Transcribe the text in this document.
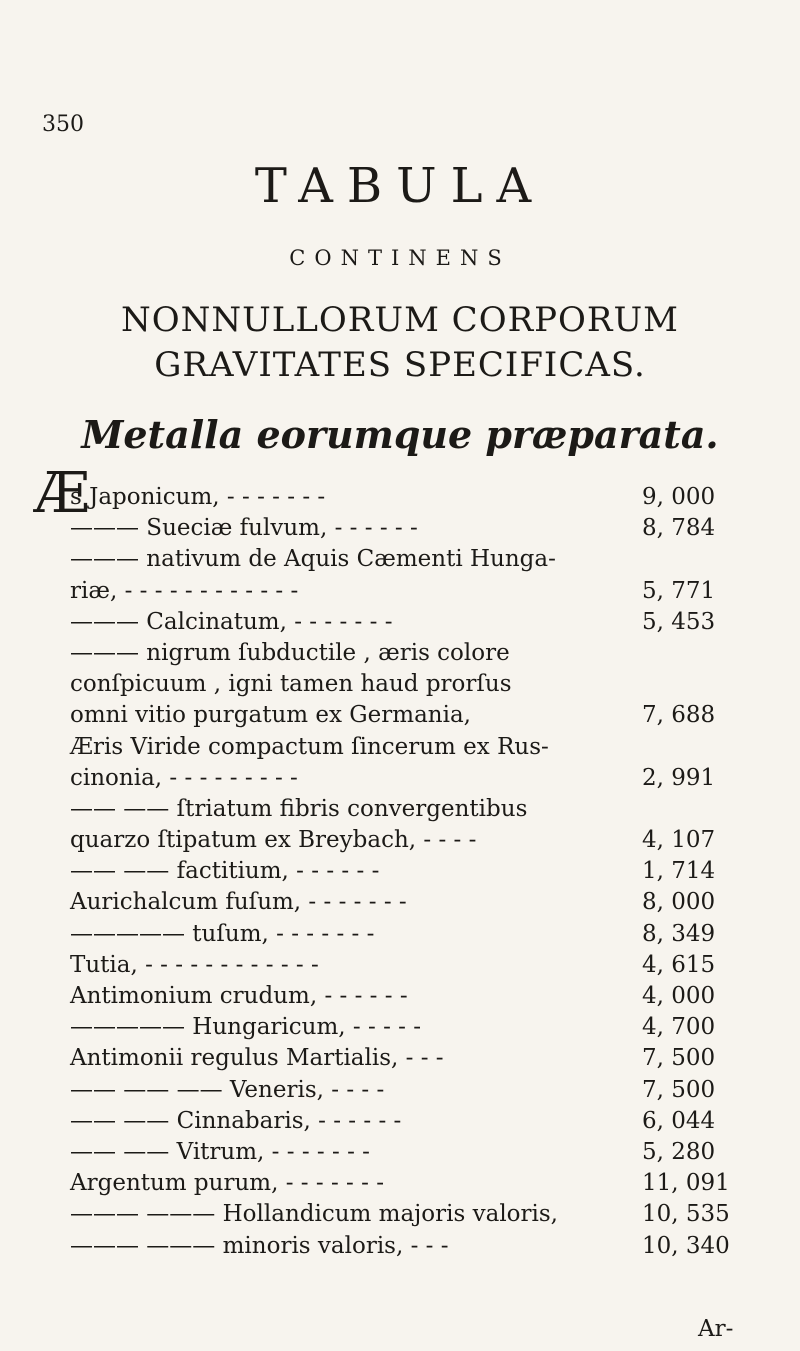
350
TABULA
CONTINENS
NONNULLORUM CORPORUM
GRAVITATES SPECIFICAS.
Metalla eorumque præparata.
Æ
s Japonicum, - - - - - - -	9, 000
——— Sueciæ fulvum, - - - - - -	8, 784
——— nativum de Aquis Cæmenti Hunga-
riæ, - - - - - - - - - - - -	5, 771
——— Calcinatum, - - - - - - -	5, 453
——— nigrum ſubductile , æris colore
conſpicuum , igni tamen haud prorſus
omni vitio purgatum ex Germania,	7, 688
Æris Viride compactum ſincerum ex Rus-
cinonia, - - - - - - - - -	2, 991
—— —— ſtriatum fibris convergentibus
quarzo ſtipatum ex Breybach, - - - -	4, 107
—— —— factitium, - - - - - -	1, 714
Aurichalcum fuſum, - - - - - - -	8, 000
————— tuſum, - - - - - - -	8, 349
Tutia, - - - - - - - - - - - -	4, 615
Antimonium crudum, - - - - - -	4, 000
————— Hungaricum, - - - - -	4, 700
Antimonii regulus Martialis, - - -	7, 500
—— —— —— Veneris, - - - -	7, 500
—— —— Cinnabaris, - - - - - -	6, 044
—— —— Vitrum, - - - - - - -	5, 280
Argentum purum, - - - - - - -	11, 091
——— ——— Hollandicum majoris valoris,	10, 535
——— ——— minoris valoris, - - -	10, 340
Ar-
